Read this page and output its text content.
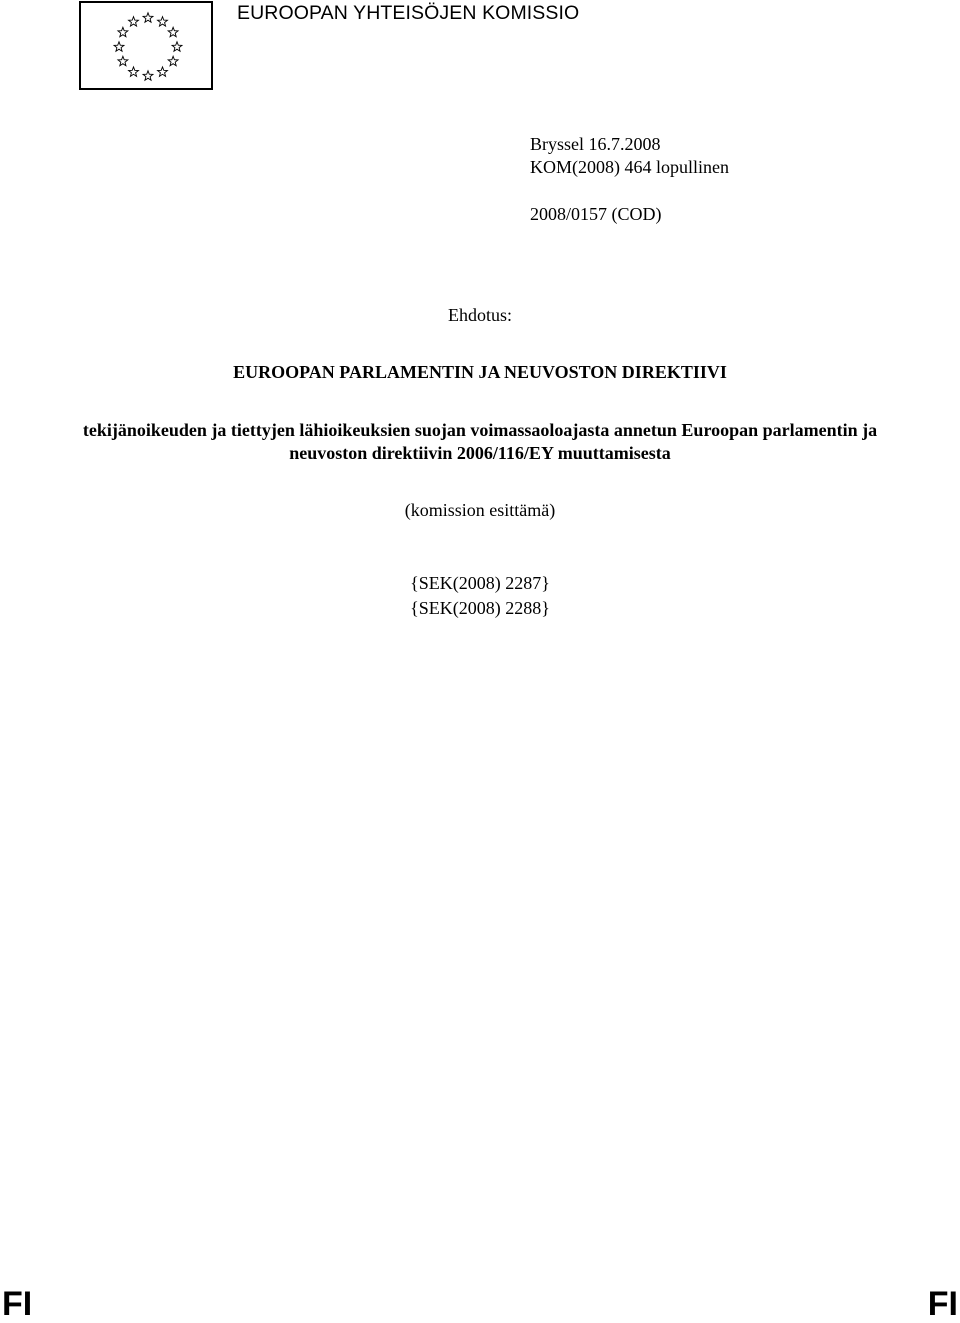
EUROOPAN YHTEISÖJEN KOMISSIO
Bryssel 16.7.2008
KOM(2008) 464 lopullinen
2008/0157 (COD)
Ehdotus:
EUROOPAN PARLAMENTIN JA NEUVOSTON DIREKTIIVI
tekijänoikeuden ja tiettyjen lähioikeuksien suojan voimassaoloajasta annetun Euroopan parlamentin ja neuvoston direktiivin 2006/116/EY muuttamisesta
(komission esittämä)
{SEK(2008) 2287}
{SEK(2008) 2288}
FI	FI
